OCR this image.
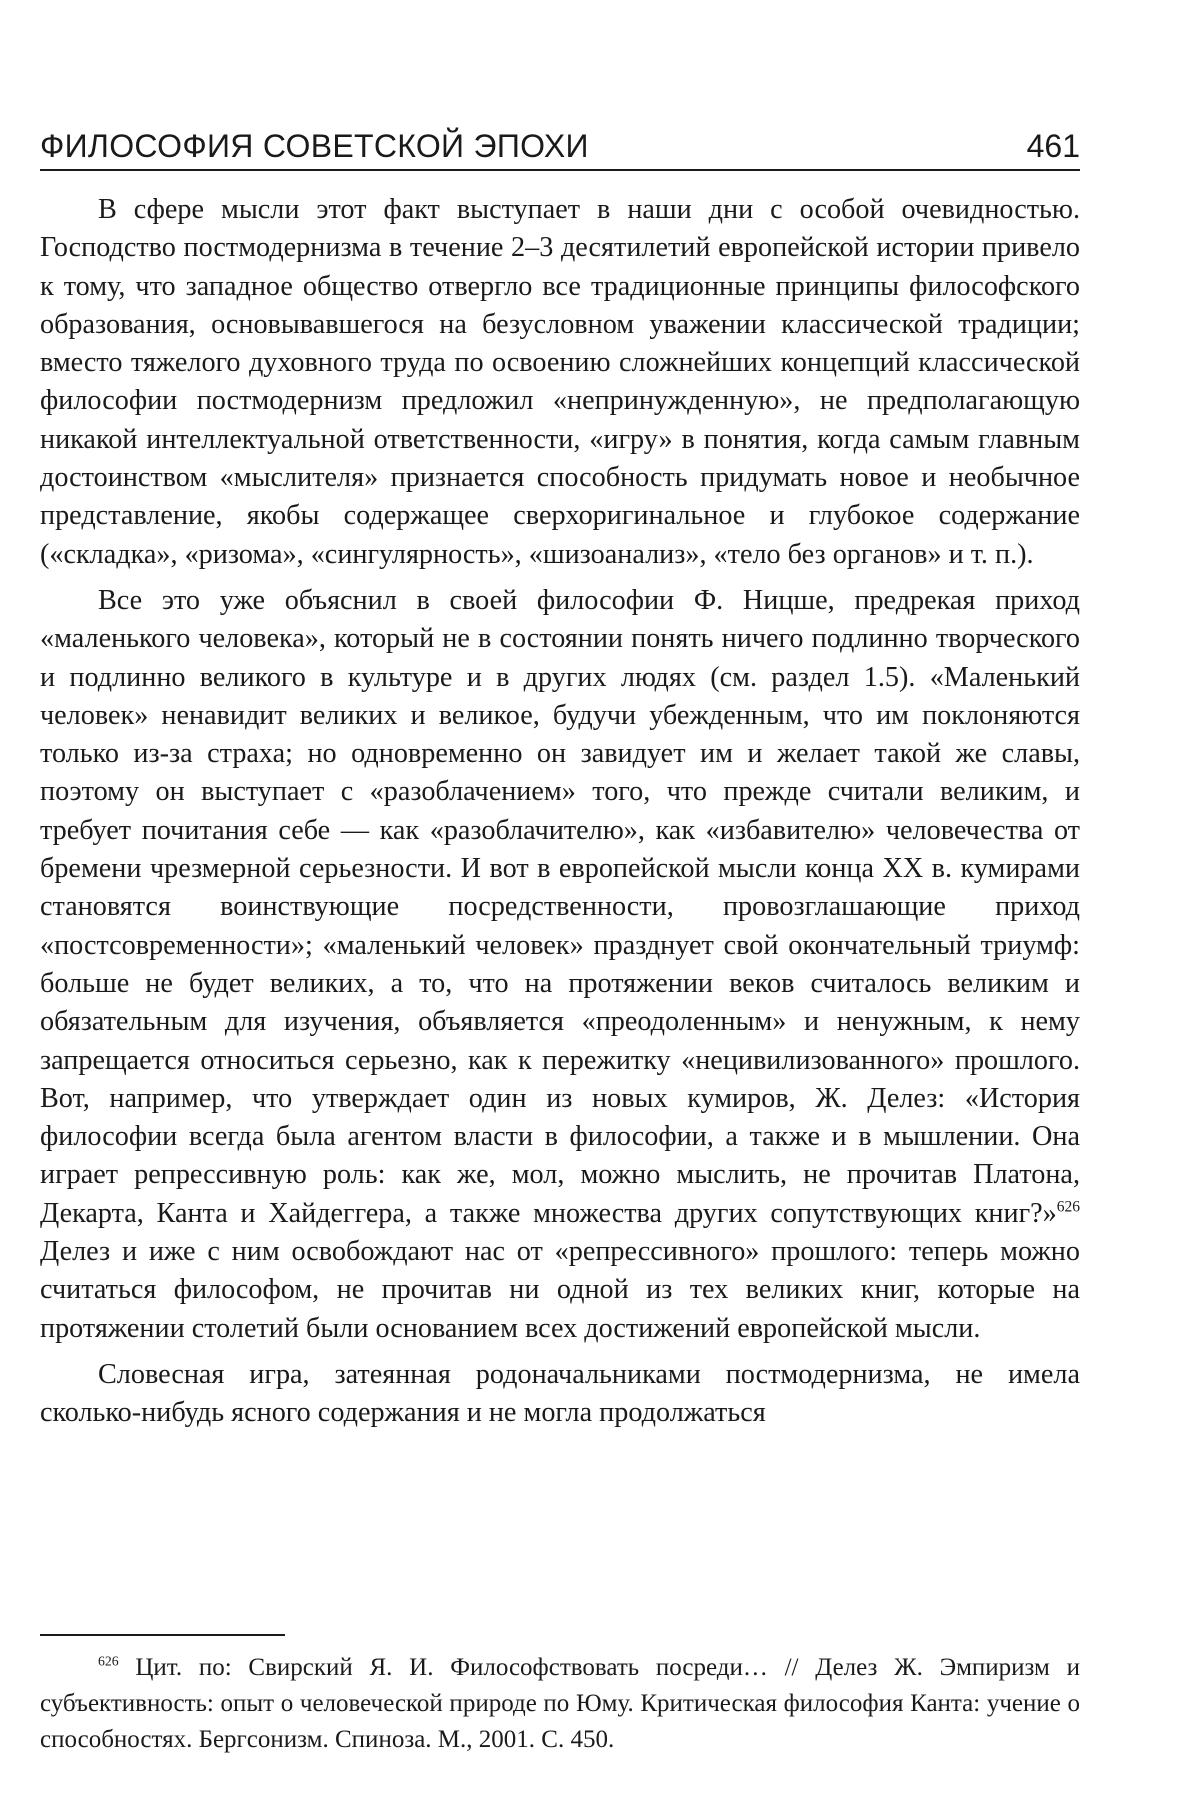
ФИЛОСОФИЯ СОВЕТСКОЙ ЭПОХИ	461

В сфере мысли этот факт выступает в наши дни с особой очевидностью. Господство постмодернизма в течение 2–3 десятилетий европейской истории привело к тому, что западное общество отвергло все традиционные принципы философского образования, основывавшегося на безусловном уважении классической традиции; вместо тяжелого духовного труда по освоению сложнейших концепций классической философии постмодернизм предложил «непринужденную», не предполагающую никакой интеллектуальной ответственности, «игру» в понятия, когда самым главным достоинством «мыслителя» признается способность придумать новое и необычное представление, якобы содержащее сверхоригинальное и глубокое содержание («складка», «ризома», «сингулярность», «шизоанализ», «тело без органов» и т. п.).

Все это уже объяснил в своей философии Ф. Ницше, предрекая приход «маленького человека», который не в состоянии понять ничего подлинно творческого и подлинно великого в культуре и в других людях (см. раздел 1.5). «Маленький человек» ненавидит великих и великое, будучи убежденным, что им поклоняются только из-за страха; но одновременно он завидует им и желает такой же славы, поэтому он выступает с «разоблачением» того, что прежде считали великим, и требует почитания себе — как «разоблачителю», как «избавителю» человечества от бремени чрезмерной серьезности. И вот в европейской мысли конца XX в. кумирами становятся воинствующие посредственности, провозглашающие приход «постсовременности»; «маленький человек» празднует свой окончательный триумф: больше не будет великих, а то, что на протяжении веков считалось великим и обязательным для изучения, объявляется «преодоленным» и ненужным, к нему запрещается относиться серьезно, как к пережитку «нецивилизованного» прошлого. Вот, например, что утверждает один из новых кумиров, Ж. Делез: «История философии всегда была агентом власти в философии, а также и в мышлении. Она играет репрессивную роль: как же, мол, можно мыслить, не прочитав Платона, Декарта, Канта и Хайдеггера, а также множества других сопутствующих книг?»$^{626}$ Делез и иже с ним освобождают нас от «репрессивного» прошлого: теперь можно считаться философом, не прочитав ни одной из тех великих книг, которые на протяжении столетий были основанием всех достижений европейской мысли.

Словесная игра, затеянная родоначальниками постмодернизма, не имела сколько-нибудь ясного содержания и не могла продолжаться

$^{626}$ Цит. по: Свирский Я. И. Философствовать посреди… // Делез Ж. Эмпиризм и субъективность: опыт о человеческой природе по Юму. Критическая философия Канта: учение о способностях. Бергсонизм. Спиноза. М., 2001. С. 450.
